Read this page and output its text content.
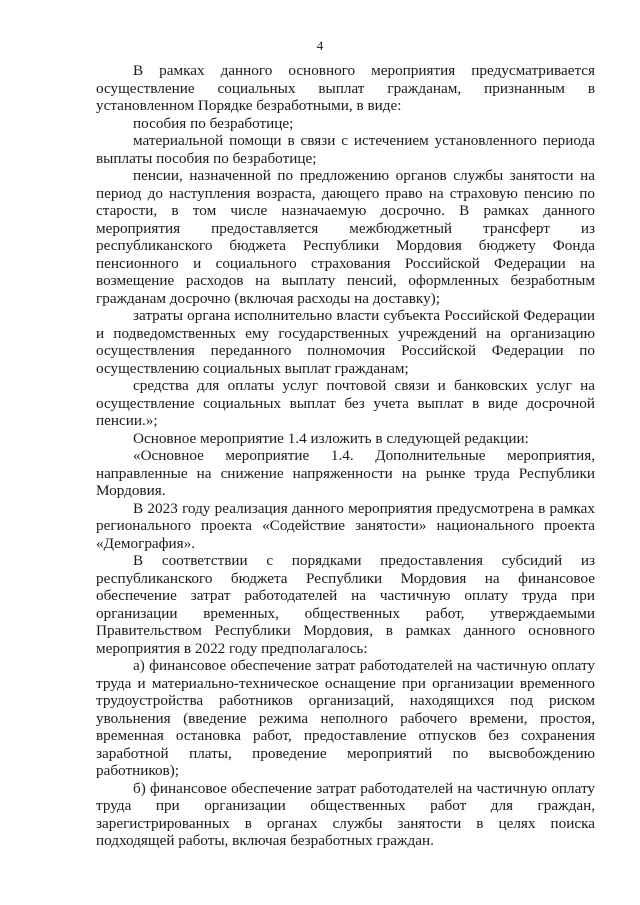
4

В рамках данного основного мероприятия предусматривается осуществление социальных выплат гражданам, признанным в установленном Порядке безработными, в виде:

пособия по безработице;

материальной помощи в связи с истечением установленного периода выплаты пособия по безработице;

пенсии, назначенной по предложению органов службы занятости на период до наступления возраста, дающего право на страховую пенсию по старости, в том числе назначаемую досрочно. В рамках данного мероприятия предоставляется межбюджетный трансферт из республиканского бюджета Республики Мордовия бюджету Фонда пенсионного и социального страхования Российской Федерации на возмещение расходов на выплату пенсий, оформленных безработным гражданам досрочно (включая расходы на доставку);

затраты органа исполнительно власти субъекта Российской Федерации и подведомственных ему государственных учреждений на организацию осуществления переданного полномочия Российской Федерации по осуществлению социальных выплат гражданам;

средства для оплаты услуг почтовой связи и банковских услуг на осуществление социальных выплат без учета выплат в виде досрочной пенсии.»;

Основное мероприятие 1.4 изложить в следующей редакции:

«Основное мероприятие 1.4. Дополнительные мероприятия, направленные на снижение напряженности на рынке труда Республики Мордовия.

В 2023 году реализация данного мероприятия предусмотрена в рамках регионального проекта «Содействие занятости» национального проекта «Демография».

В соответствии с порядками предоставления субсидий из республиканского бюджета Республики Мордовия на финансовое обеспечение затрат работодателей на частичную оплату труда при организации временных, общественных работ, утверждаемыми Правительством Республики Мордовия, в рамках данного основного мероприятия в 2022 году предполагалось:

а) финансовое обеспечение затрат работодателей на частичную оплату труда и материально-техническое оснащение при организации временного трудоустройства работников организаций, находящихся под риском увольнения (введение режима неполного рабочего времени, простоя, временная остановка работ, предоставление отпусков без сохранения заработной платы, проведение мероприятий по высвобождению работников);

б) финансовое обеспечение затрат работодателей на частичную оплату труда при организации общественных работ для граждан, зарегистрированных в органах службы занятости в целях поиска подходящей работы, включая безработных граждан.
